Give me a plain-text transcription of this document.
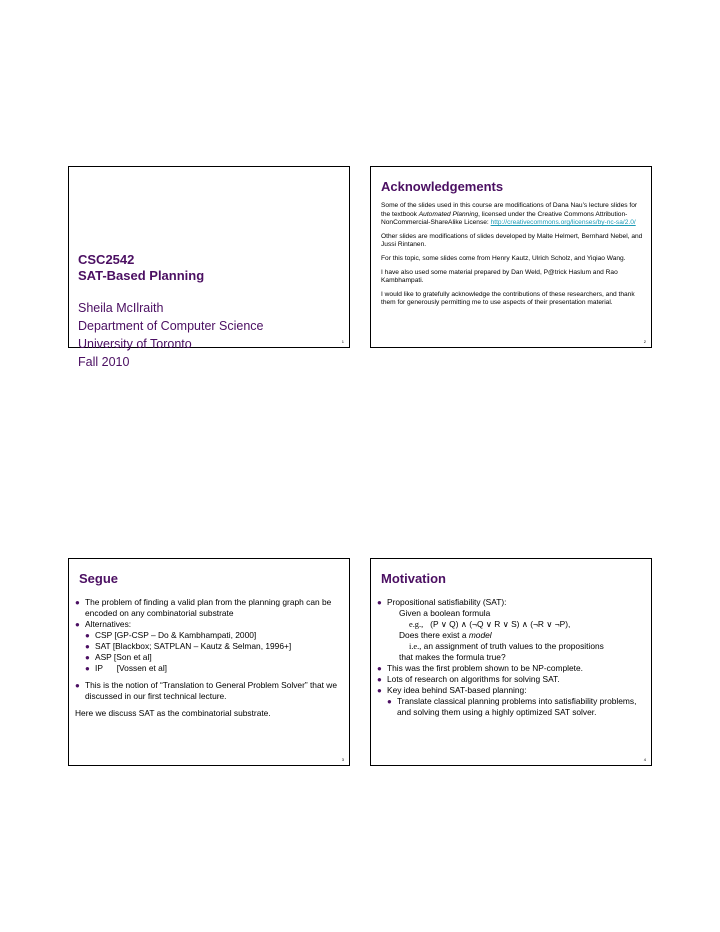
CSC2542
SAT-Based Planning
Sheila McIlraith
Department of Computer Science
University of Toronto
Fall 2010
1
Acknowledgements

Some of the slides used in this course are modifications of Dana Nau’s lecture slides for the textbook Automated Planning, licensed under the Creative Commons Attribution-NonCommercial-ShareAlike License: http://creativecommons.org/licenses/by-nc-sa/2.0/

Other slides are modifications of slides developed by Malte Helmert, Bernhard Nebel, and Jussi Rintanen.

For this topic, some slides come from Henry Kautz, Ulrich Scholz, and Yiqiao Wang.

I have also used some material prepared by Dan Weld, P@trick Haslum and Rao Kambhampati.

I would like to gratefully acknowledge the contributions of these researchers, and thank them for generously permitting me to use aspects of their presentation material.

2
Segue
● The problem of finding a valid plan from the planning graph can be encoded on any combinatorial substrate
● Alternatives:
● CSP [GP-CSP – Do & Kambhampati, 2000]
● SAT [Blackbox; SATPLAN – Kautz & Selman, 1996+]
● ASP [Son et al]
● IP      [Vossen et al]
● This is the notion of “Translation to General Problem Solver” that we discussed in our first technical lecture.
Here we discuss SAT as the combinatorial substrate.
3
Motivation
● Propositional satisfiability (SAT):
Given a boolean formula
e.g., (P ∨ Q) ∧ (¬Q ∨ R ∨ S) ∧ (¬R ∨ ¬P),
Does there exist a model
i.e., an assignment of truth values to the propositions
that makes the formula true?
● This was the first problem shown to be NP-complete.
● Lots of research on algorithms for solving SAT.
● Key idea behind SAT-based planning:
● Translate classical planning problems into satisfiability problems, and solving them using a highly optimized SAT solver.
4
